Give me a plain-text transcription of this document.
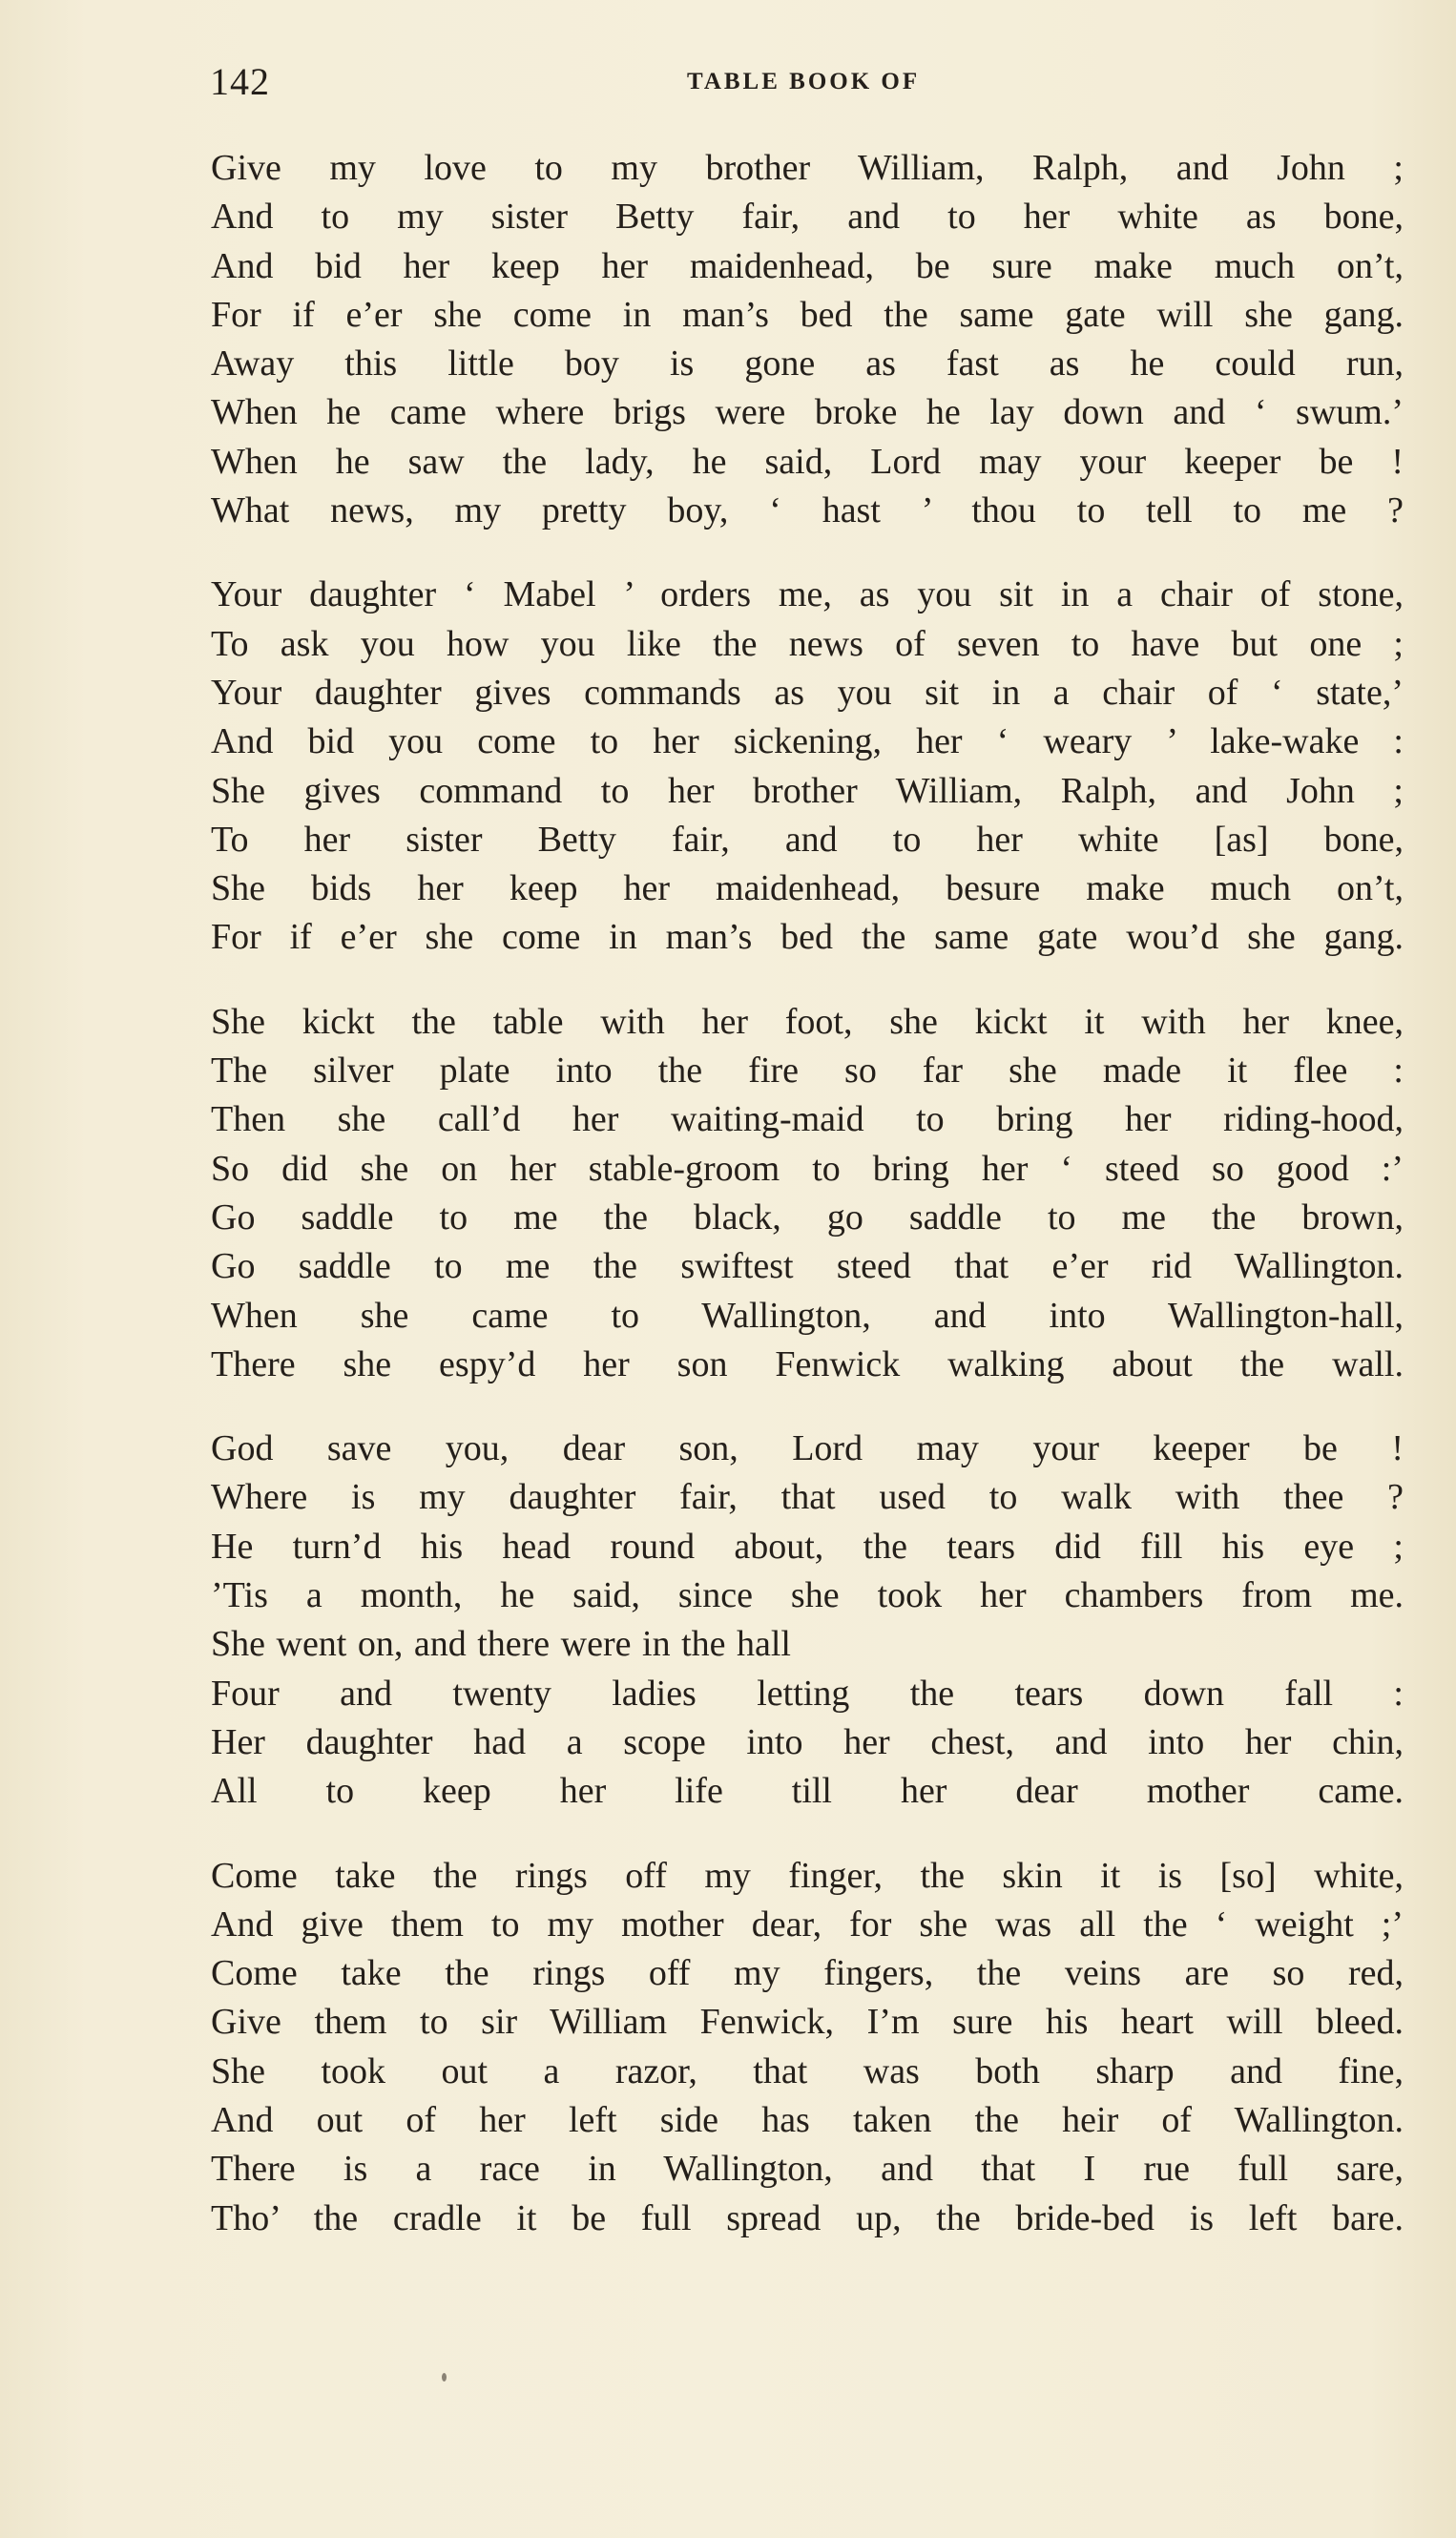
142	TABLE BOOK OF
Give my love to my brother William, Ralph, and John ;
And to my sister Betty fair, and to her white as bone,
And bid her keep her maidenhead, be sure make much on’t,
For if e’er she come in man’s bed the same gate will she gang.
Away this little boy is gone as fast as he could run,
When he came where brigs were broke he lay down and ‘ swum.’
When he saw the lady, he said, Lord may your keeper be !
What news, my pretty boy, ‘ hast ’ thou to tell to me ?
Your daughter ‘ Mabel ’ orders me, as you sit in a chair of stone,
To ask you how you like the news of seven to have but one ;
Your daughter gives commands as you sit in a chair of ‘ state,’
And bid you come to her sickening, her ‘ weary ’ lake-wake :
She gives command to her brother William, Ralph, and John ;
To her sister Betty fair, and to her white [as] bone,
She bids her keep her maidenhead, besure make much on’t,
For if e’er she come in man’s bed the same gate wou’d she gang.
She kickt the table with her foot, she kickt it with her knee,
The silver plate into the fire so far she made it flee :
Then she call’d her waiting-maid to bring her riding-hood,
So did she on her stable-groom to bring her ‘ steed so good :’
Go saddle to me the black, go saddle to me the brown,
Go saddle to me the swiftest steed that e’er rid Wallington.
When she came to Wallington, and into Wallington-hall,
There she espy’d her son Fenwick walking about the wall.
God save you, dear son, Lord may your keeper be !
Where is my daughter fair, that used to walk with thee ?
He turn’d his head round about, the tears did fill his eye ;
’Tis a month, he said, since she took her chambers from me.
She went on, and there were in the hall
Four and twenty ladies letting the tears down fall :
Her daughter had a scope into her chest, and into her chin,
All to keep her life till her dear mother came.
Come take the rings off my finger, the skin it is [so] white,
And give them to my mother dear, for she was all the ‘ weight ;’
Come take the rings off my fingers, the veins are so red,
Give them to sir William Fenwick, I’m sure his heart will bleed.
She took out a razor, that was both sharp and fine,
And out of her left side has taken the heir of Wallington.
There is a race in Wallington, and that I rue full sare,
Tho’ the cradle it be full spread up, the bride-bed is left bare.
